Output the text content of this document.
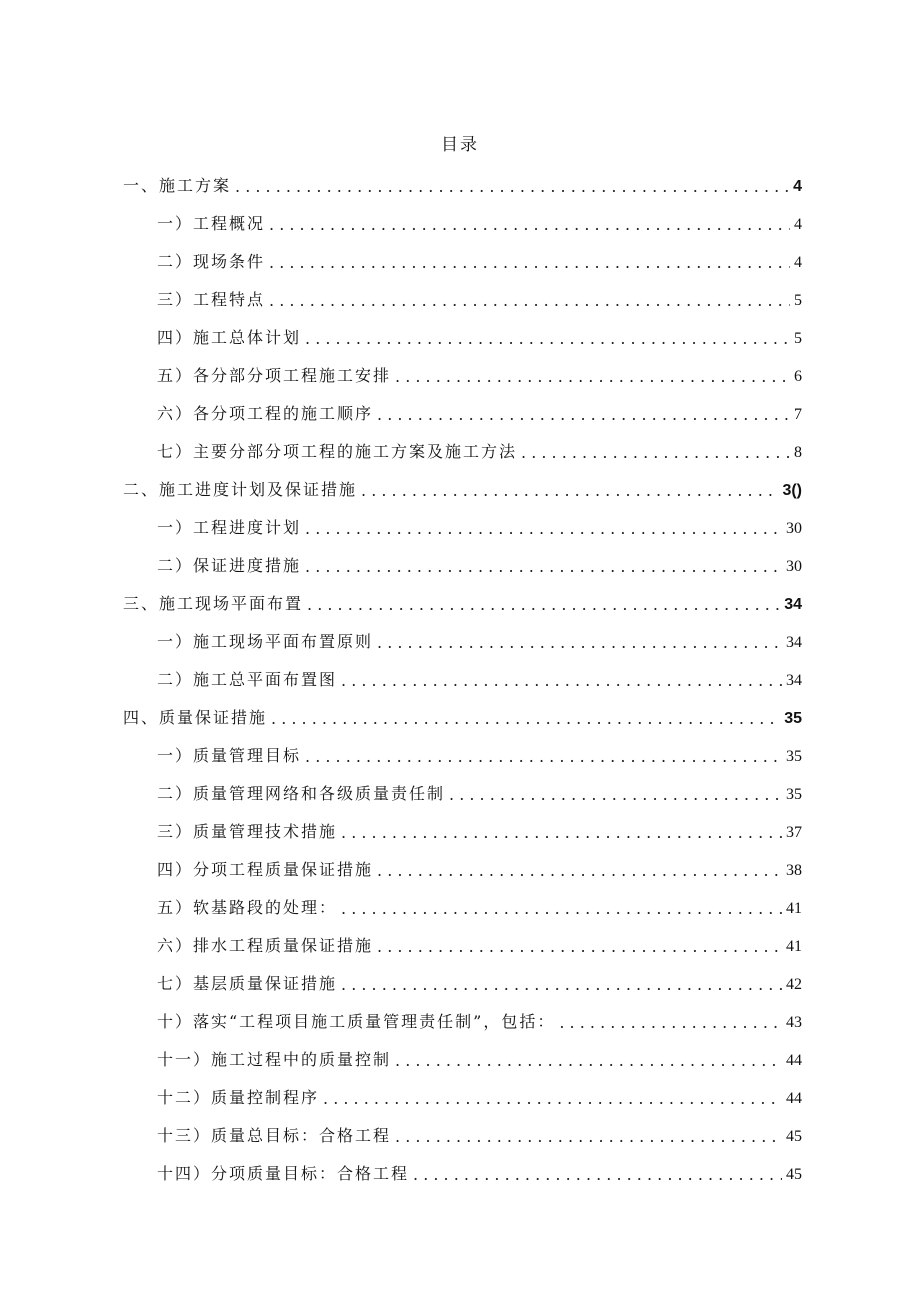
目录
一、施工方案 . . .	4
一）工程概况 . . .	4
二）现场条件 . . .	4
三）工程特点 . . .	5
四）施工总体计划 . . .	5
五）各分部分项工程施工安排 . . .	6
六）各分项工程的施工顺序 . . .	7
七）主要分部分项工程的施工方案及施工方法 . . .	8
二、施工进度计划及保证措施 . . .	3()
一）工程进度计划 . . .	30
二）保证进度措施 . . .	30
三、施工现场平面布置 . . .	34
一）施工现场平面布置原则 . . .	34
二）施工总平面布置图 . . .	34
四、质量保证措施 . . .	35
一）质量管理目标 . . .	35
二）质量管理网络和各级质量责任制 . . .	35
三）质量管理技术措施 . . .	37
四）分项工程质量保证措施 . . .	38
五）软基路段的处理： . . .	41
六）排水工程质量保证措施 . . .	41
七）基层质量保证措施 . . .	42
十）落实“工程项目施工质量管理责任制”，包括： . . .	43
十一）施工过程中的质量控制 . . .	44
十二）质量控制程序 . . .	44
十三）质量总目标：合格工程 . . .	45
十四）分项质量目标：合格工程 . . .	45
